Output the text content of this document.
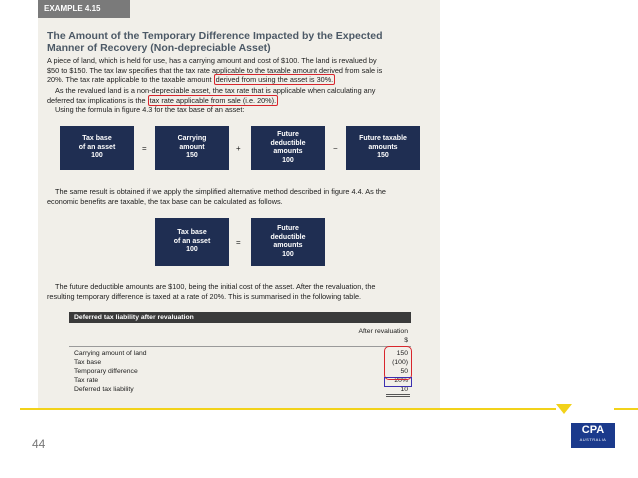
EXAMPLE 4.15
The Amount of the Temporary Difference Impacted by the Expected
Manner of Recovery (Non-depreciable Asset)
A piece of land, which is held for use, has a carrying amount and cost of $100. The land is revalued by
$50 to $150. The tax law specifies that the tax rate applicable to the taxable amount derived from sale is
20%. The tax rate applicable to the taxable amount derived from using the asset is 30%.
As the revalued land is a non-depreciable asset, the tax rate that is applicable when calculating any
deferred tax implications is the tax rate applicable from sale (i.e. 20%).
Using the formula in figure 4.3 for the tax base of an asset:
Tax base
of an asset
100
=
Carrying
amount
150
+
Future
deductible
amounts
100
−
Future taxable
amounts
150
The same result is obtained if we apply the simplified alternative method described in figure 4.4. As the
economic benefits are taxable, the tax base can be calculated as follows.
Tax base
of an asset
100
=
Future
deductible
amounts
100
The future deductible amounts are $100, being the initial cost of the asset. After the revaluation, the
resulting temporary difference is taxed at a rate of 20%. This is summarised in the following table.
Deferred tax liability after revaluation
After revaluation
$
Carrying amount of land	150
Tax base	(100)
Temporary difference	50
Tax rate	20%
Deferred tax liability	10
44
CPA
AUSTRALIA
